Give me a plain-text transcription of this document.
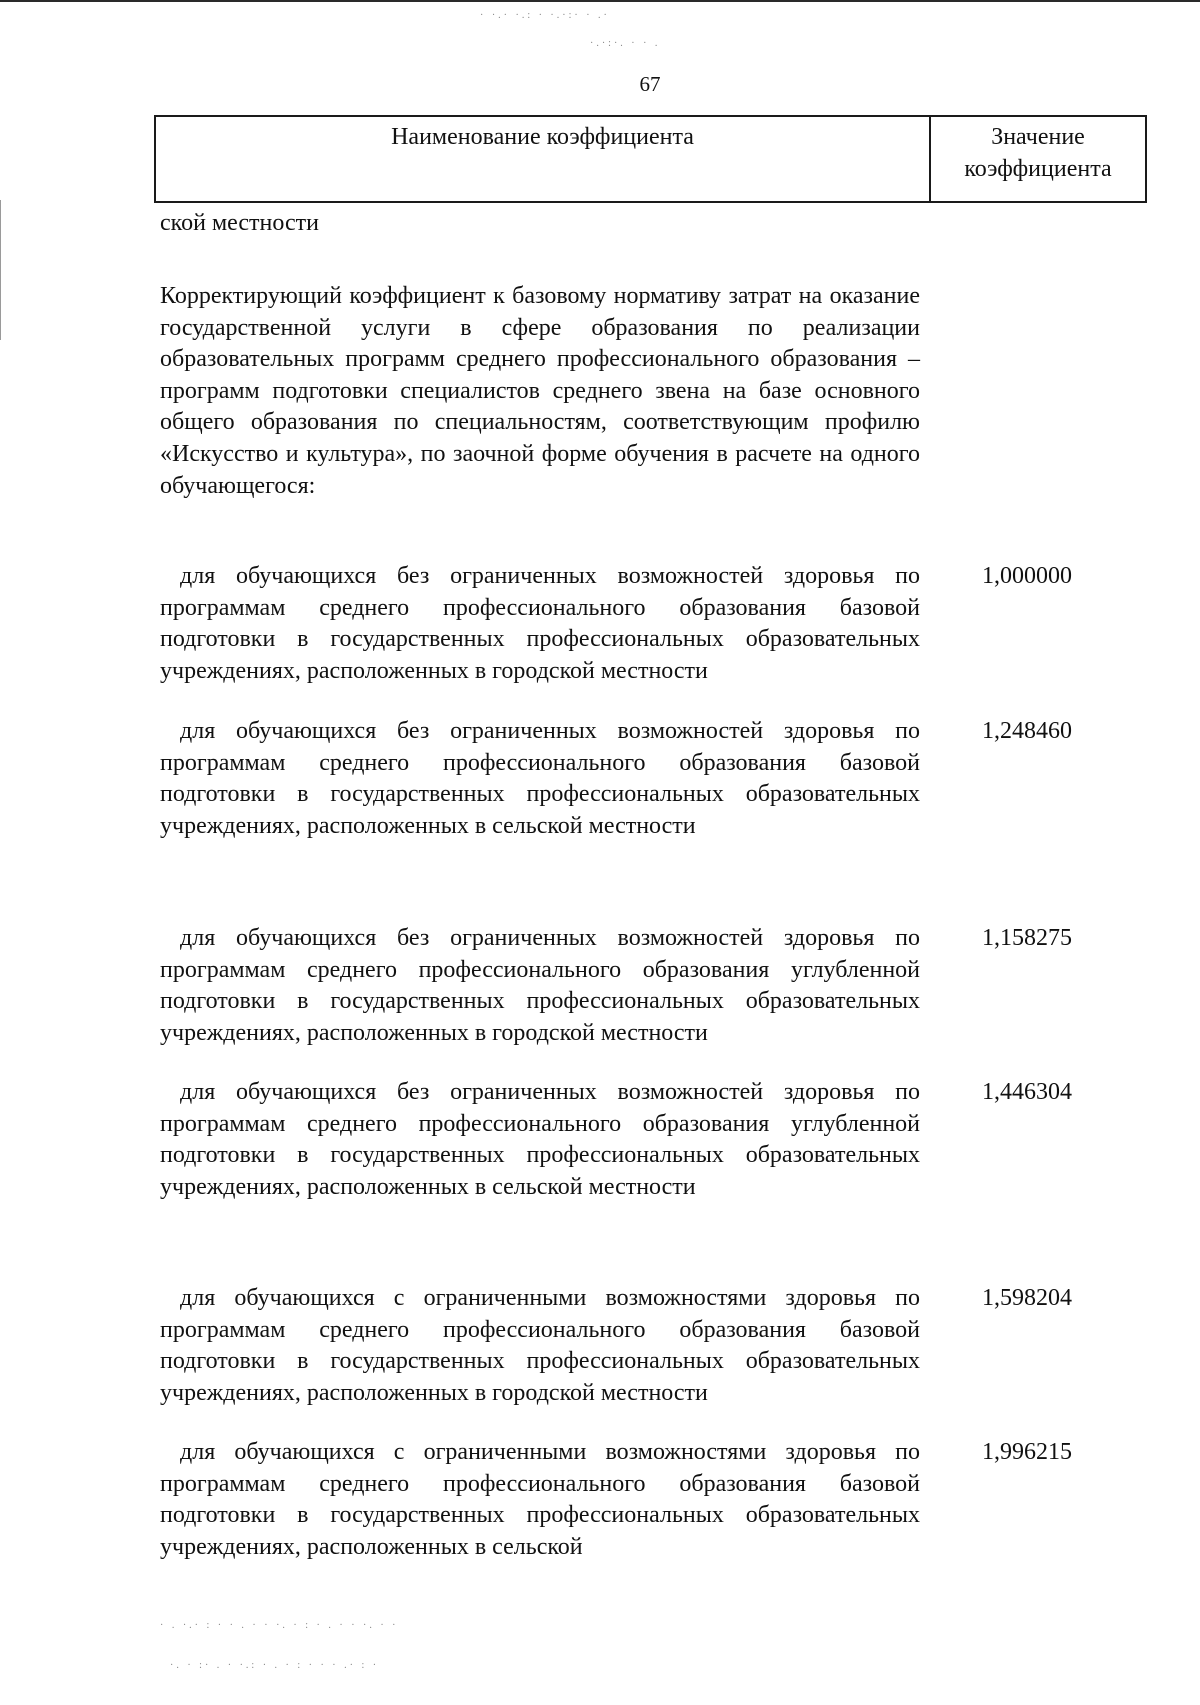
· ·.· ·.: · ·.·:· · .·
·.·:·. · · .
67
Наименование коэффициента	Значение
коэффициента

ской местности

Корректирующий коэффициент к базовому нормативу затрат на оказание государственной услуги в сфере образования по реализации образовательных программ среднего профессионального образования – программ подготовки специалистов среднего звена на базе основного общего образования по специальностям, соответствующим профилю «Искусство и культура», по заочной форме обучения в расчете на одного обучающегося:

для обучающихся без ограниченных возможностей здоровья по программам среднего профессионального образования базовой подготовки в государственных профессиональных образовательных учреждениях, расположенных в городской местности

1,000000

для обучающихся без ограниченных возможностей здоровья по программам среднего профессионального образования базовой подготовки в государственных профессиональных образовательных учреждениях, расположенных в сельской местности

1,248460

для обучающихся без ограниченных возможностей здоровья по программам среднего профессионального образования углубленной подготовки в государственных профессиональных образовательных учреждениях, расположенных в городской местности

1,158275

для обучающихся без ограниченных возможностей здоровья по программам среднего профессионального образования углубленной подготовки в государственных профессиональных образовательных учреждениях, расположенных в сельской местности

1,446304

для обучающихся с ограниченными возможностями здоровья по программам среднего профессионального образования базовой подготовки в государственных профессиональных образовательных учреждениях, расположенных в городской местности

1,598204

для обучающихся с ограниченными возможностями здоровья по программам среднего профессионального образования базовой подготовки в государственных профессиональных образовательных учреждениях, расположенных в сельской

1,996215

· . ·.· : · · . · · ·. · : · . · · ·. · ·
·. · :· . · ·.: · . · : · · · .· : ·
